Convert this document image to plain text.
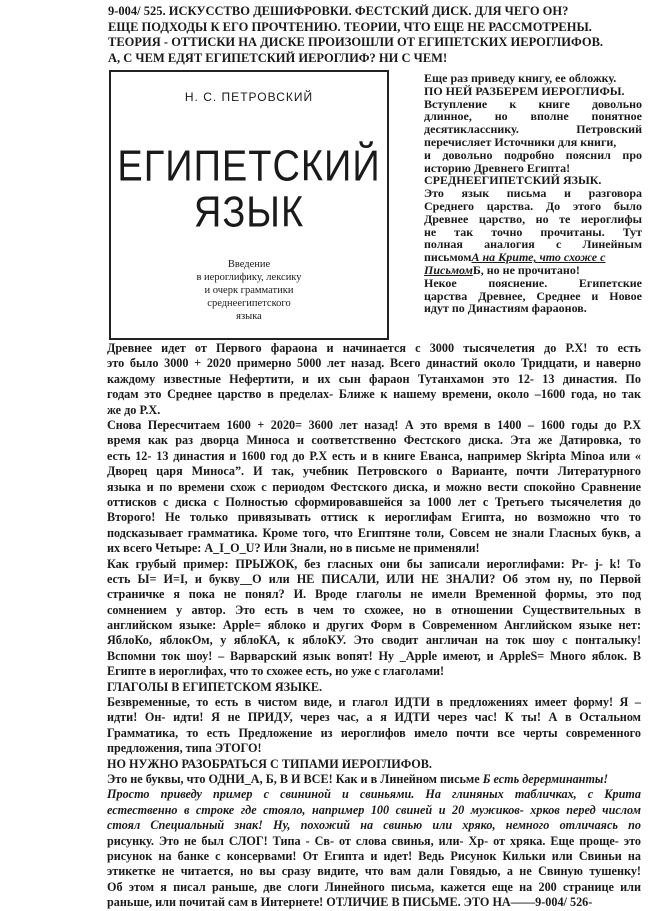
9-004/ 525. ИСКУССТВО ДЕШИФРОВКИ. ФЕСТСКИЙ ДИСК. ДЛЯ ЧЕГО ОН?
ЕЩЕ ПОДХОДЫ К ЕГО ПРОЧТЕНИЮ. ТЕОРИИ, ЧТО ЕЩЕ НЕ РАССМОТРЕНЫ.
ТЕОРИЯ - ОТТИСКИ НА ДИСКЕ ПРОИЗОШЛИ ОТ ЕГИПЕТСКИХ ИЕРОГЛИФОВ.
А, С ЧЕМ ЕДЯТ ЕГИПЕТСКИЙ ИЕРОГЛИФ? НИ С ЧЕМ!
Н. С. ПЕТРОВСКИЙ
ЕГИПЕТСКИЙ
ЯЗЫК
Введение
в иероглифику, лексику
и очерк грамматики
среднеегипетского
языка
Еще раз приведу книгу, ее обложку.
ПО НЕЙ РАЗБЕРЕМ ИЕРОГЛИФЫ.
Вступление к книге довольно
длинное, но вполне понятное
десятикласснику. Петровский
перечисляет Источники для книги,
и довольно подробно пояснил про
историю Древнего Египта!
СРЕДНЕЕГИПЕТСКИЙ ЯЗЫК.
Это язык письма и разговора
Среднего царства. До этого было
Древнее царство, но те иероглифы
не так точно прочитаны. Тут
полная аналогия с Линейным
письмомА на Крите, что схоже с
ПисьмомБ, но не прочитано!
Некое пояснение. Египетские
царства Древнее, Среднее и Новое
идут по Династиям фараонов.
Древнее идет от Первого фараона и начинается с 3000 тысячелетия до Р.Х! то есть
это было 3000 + 2020 примерно 5000 лет назад. Всего династий около Тридцати, и наверно
каждому известные Нефертити, и их сын фараон Тутанхамон это 12- 13 династия. По
годам это Среднее царство в пределах- Ближе к нашему времени, около –1600 года, но так
же до Р.Х.
Снова Пересчитаем 1600 + 2020= 3600 лет назад! А это время в 1400 – 1600 годы до Р.Х
время как раз дворца Миноса и соответственно Фестского диска. Эта же Датировка, то
есть 12- 13 династия и 1600 год до Р.Х есть и в книге Еванса, например Skripta Minoa или «
Дворец царя Миноса”. И так, учебник Петровского о Варианте, почти Литературного
языка и по времени схож с периодом Фестского диска, и можно вести спокойно Сравнение
оттисков с диска с Полностью сформировавшейся за 1000 лет с Третьего тысячелетия до
Второго! Не только привязывать оттиск к иероглифам Египта, но возможно что то
подсказывает грамматика. Кроме того, что Египтяне толи, Совсем не знали Гласных букв, а
их всего Четыре: А_I_O_U? Или Знали, но в письме не применяли!
Как грубый пример: ПРЫЖОК, без гласных они бы записали иероглифами: Pr- j- k! То
есть Ы= И=I, и букву__О или НЕ ПИСАЛИ, ИЛИ НЕ ЗНАЛИ? Об этом ну, по Первой
страничке я пока не понял? И. Вроде глаголы не имели Временной формы, это под
сомнением у автор. Это есть в чем то схожее, но в отношении Существительных в
английском языке: Apple= яблоко и других Форм в Современном Английском языке нет:
ЯблоКо, яблокОм, у яблоКА, к яблоКУ. Это сводит англичан на ток шоу с понталыку!
Вспомни ток шоу! – Варварский язык вопят! Ну _Apple имеют, и AppleS= Много яблок. В
Египте в иероглифах, что то схожее есть, но уже с глаголами!
ГЛАГОЛЫ В ЕГИПЕТСКОМ ЯЗЫКЕ.
Безвременные, то есть в чистом виде, и глагол ИДТИ в предложениях имеет форму! Я –
идти! Он- идти! Я не ПРИДУ, через час, а я ИДТИ через час! К ты! А в Остальном
Грамматика, то есть Предложение из иероглифов имело почти все черты современного
предложения, типа ЭТОГО!
НО НУЖНО РАЗОБРАТЬСЯ С ТИПАМИ ИЕРОГЛИФОВ.
Это не буквы, что ОДНИ_А, Б, В И ВСЕ! Как и в Линейном письме Б есть дерерминанты!
Просто приведу пример с свининой и свиньями. На глиняных табличках, с Крита
естественно в строке где стояло, например 100 свиней и 20 мужиков- хрков перед числом
стоял Специальный знак! Ну, похожий на свинью или хряко, немного отличаясь по
рисунку. Это не был СЛОГ! Типа - Св- от слова свинья, или- Хр- от хряка. Еще проще- это
рисунок на банке с консервами! От Египта и идет! Ведь Рисунок Кильки или Свиньи на
этикетке не читается, но вы сразу видите, что вам дали Говядью, а не Свиную тушенку!
Об этом я писал раньше, две слоги Линейного письма, кажется еще на 200 странице или
раньше, или почитай сам в Интернете! ОТЛИЧИЕ В ПИСЬМЕ. ЭТО НА——9-004/ 526-
